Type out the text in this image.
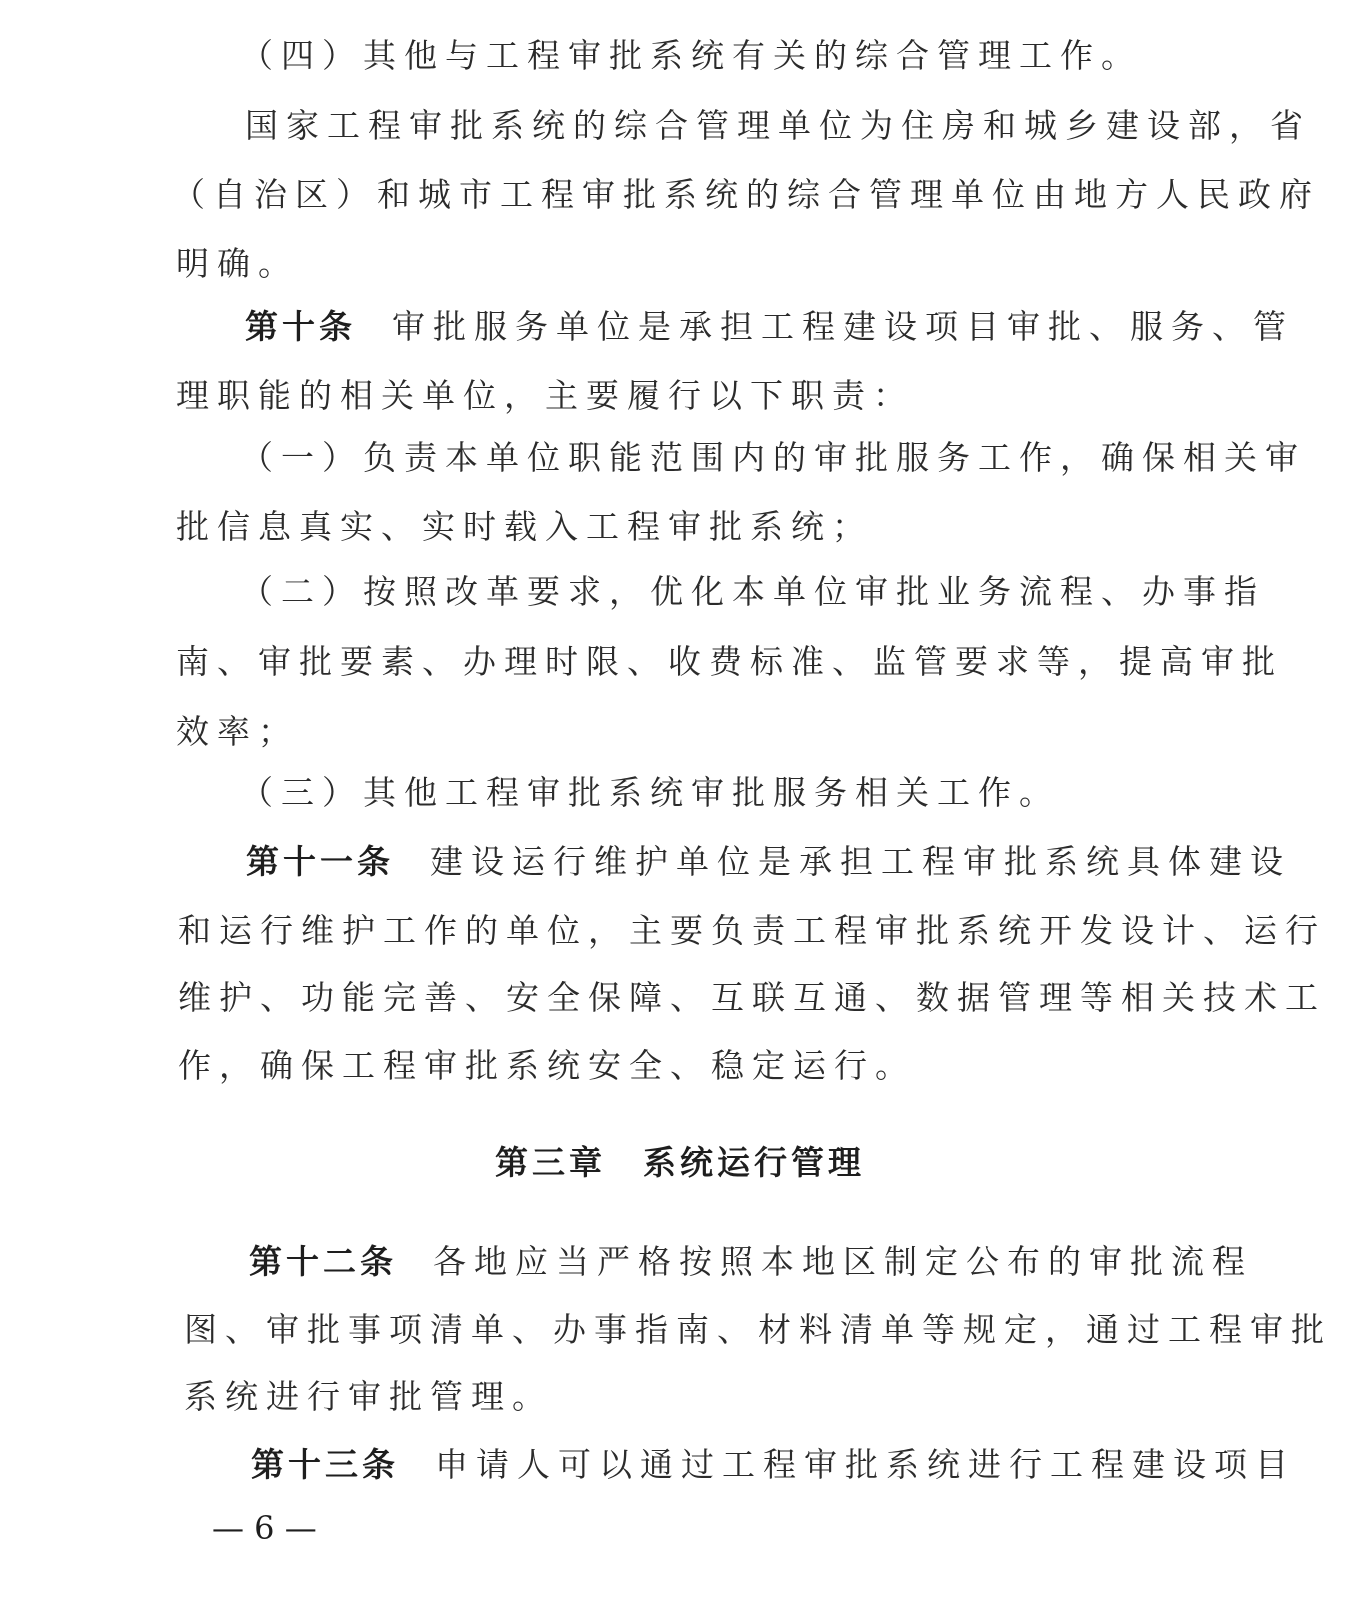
（四）其他与工程审批系统有关的综合管理工作。
国家工程审批系统的综合管理单位为住房和城乡建设部，省
（自治区）和城市工程审批系统的综合管理单位由地方人民政府
明确。
第十条 审批服务单位是承担工程建设项目审批、服务、管
理职能的相关单位，主要履行以下职责：
（一）负责本单位职能范围内的审批服务工作，确保相关审
批信息真实、实时载入工程审批系统；
（二）按照改革要求，优化本单位审批业务流程、办事指
南、审批要素、办理时限、收费标准、监管要求等，提高审批
效率；
（三）其他工程审批系统审批服务相关工作。
第十一条 建设运行维护单位是承担工程审批系统具体建设
和运行维护工作的单位，主要负责工程审批系统开发设计、运行
维护、功能完善、安全保障、互联互通、数据管理等相关技术工
作，确保工程审批系统安全、稳定运行。
第三章　系统运行管理
第十二条 各地应当严格按照本地区制定公布的审批流程
图、审批事项清单、办事指南、材料清单等规定，通过工程审批
系统进行审批管理。
第十三条 申请人可以通过工程审批系统进行工程建设项目
— 6 —
